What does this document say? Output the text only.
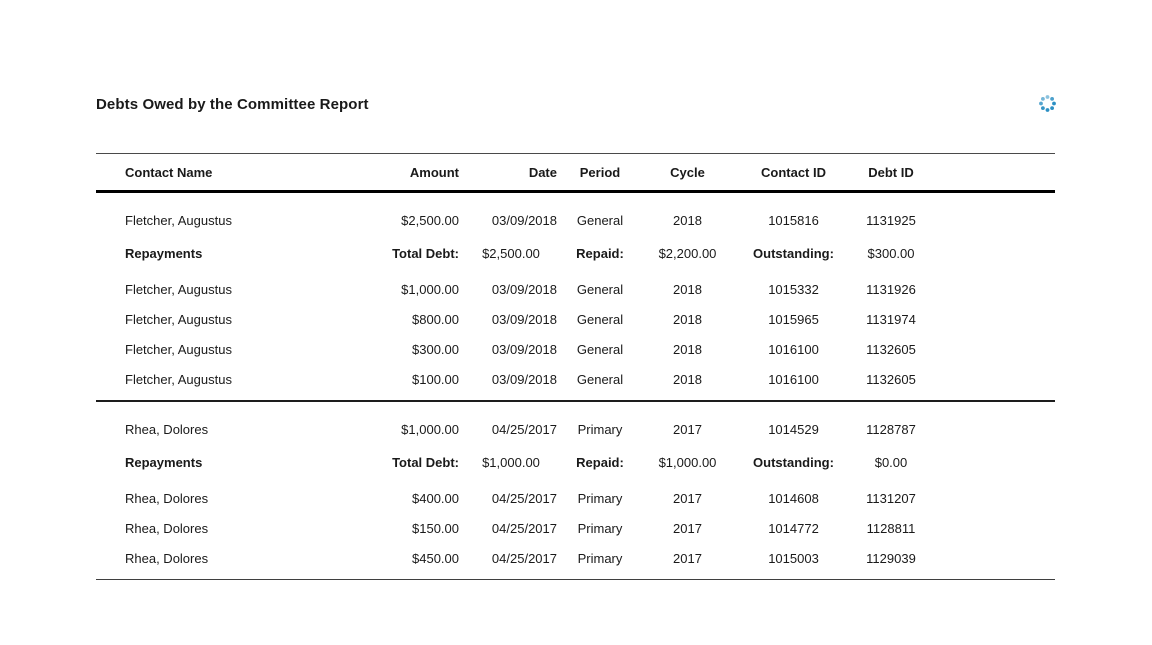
Debts Owed by the Committee Report
Contact Name	Amount	Date	Period	Cycle	Contact ID	Debt ID	
Fletcher, Augustus	$2,500.00	03/09/2018	General	2018	1015816	1131925	
Repayments	Total Debt:	$2,500.00	Repaid:	$2,200.00	Outstanding:	$300.00	
Fletcher, Augustus	$1,000.00	03/09/2018	General	2018	1015332	1131926	
Fletcher, Augustus	$800.00	03/09/2018	General	2018	1015965	1131974	
Fletcher, Augustus	$300.00	03/09/2018	General	2018	1016100	1132605	
Fletcher, Augustus	$100.00	03/09/2018	General	2018	1016100	1132605	
Rhea, Dolores	$1,000.00	04/25/2017	Primary	2017	1014529	1128787	
Repayments	Total Debt:	$1,000.00	Repaid:	$1,000.00	Outstanding:	$0.00	
Rhea, Dolores	$400.00	04/25/2017	Primary	2017	1014608	1131207	
Rhea, Dolores	$150.00	04/25/2017	Primary	2017	1014772	1128811	
Rhea, Dolores	$450.00	04/25/2017	Primary	2017	1015003	1129039	
